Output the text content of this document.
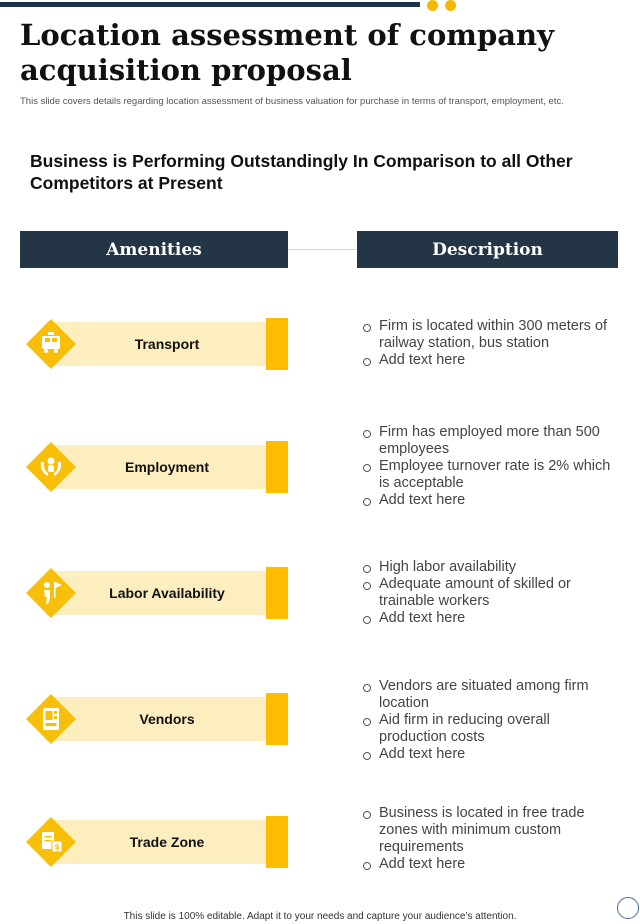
Location assessment of company acquisition proposal
This slide covers details regarding location assessment of business valuation for purchase in terms of transport, employment, etc.
Business is Performing Outstandingly In Comparison to all Other Competitors at Present
Amenities	Description
Transport
Firm is located within 300 meters of railway station, bus station
Add text here
Employment
Firm has employed more than 500 employees
Employee turnover rate is 2% which is acceptable
Add text here
Labor Availability
High labor availability
Adequate amount of skilled or trainable workers
Add text here
Vendors
Vendors are situated among firm location
Aid firm in reducing overall production costs
Add text here
Trade Zone
$
Business is located in free trade zones with minimum custom requirements
Add text here
This slide is 100% editable. Adapt it to your needs and capture your audience’s attention.
